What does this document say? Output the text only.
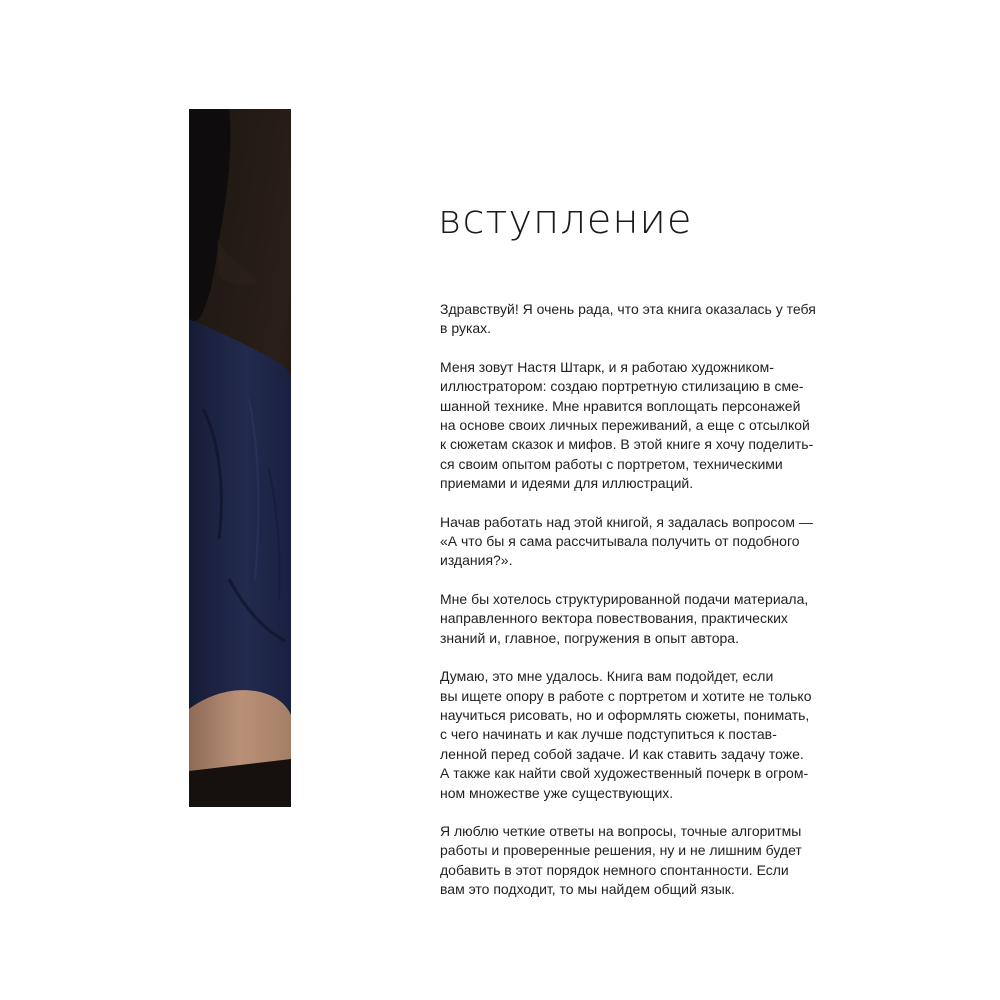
вступление

Здравствуй! Я очень рада, что эта книга оказалась у тебя
в руках.

Меня зовут Настя Штарк, и я работаю художником-
иллюстратором: создаю портретную стилизацию в сме-
шанной технике. Мне нравится воплощать персонажей
на основе своих личных переживаний, а еще с отсылкой
к сюжетам сказок и мифов. В этой книге я хочу поделить-
ся своим опытом работы с портретом, техническими
приемами и идеями для иллюстраций.

Начав работать над этой книгой, я задалась вопросом —
«А что бы я сама рассчитывала получить от подобного
издания?».

Мне бы хотелось структурированной подачи материала,
направленного вектора повествования, практических
знаний и, главное, погружения в опыт автора.

Думаю, это мне удалось. Книга вам подойдет, если
вы ищете опору в работе с портретом и хотите не только
научиться рисовать, но и оформлять сюжеты, понимать,
с чего начинать и как лучше подступиться к постав-
ленной перед собой задаче. И как ставить задачу тоже.
А также как найти свой художественный почерк в огром-
ном множестве уже существующих.

Я люблю четкие ответы на вопросы, точные алгоритмы
работы и проверенные решения, ну и не лишним будет
добавить в этот порядок немного спонтанности. Если
вам это подходит, то мы найдем общий язык.
